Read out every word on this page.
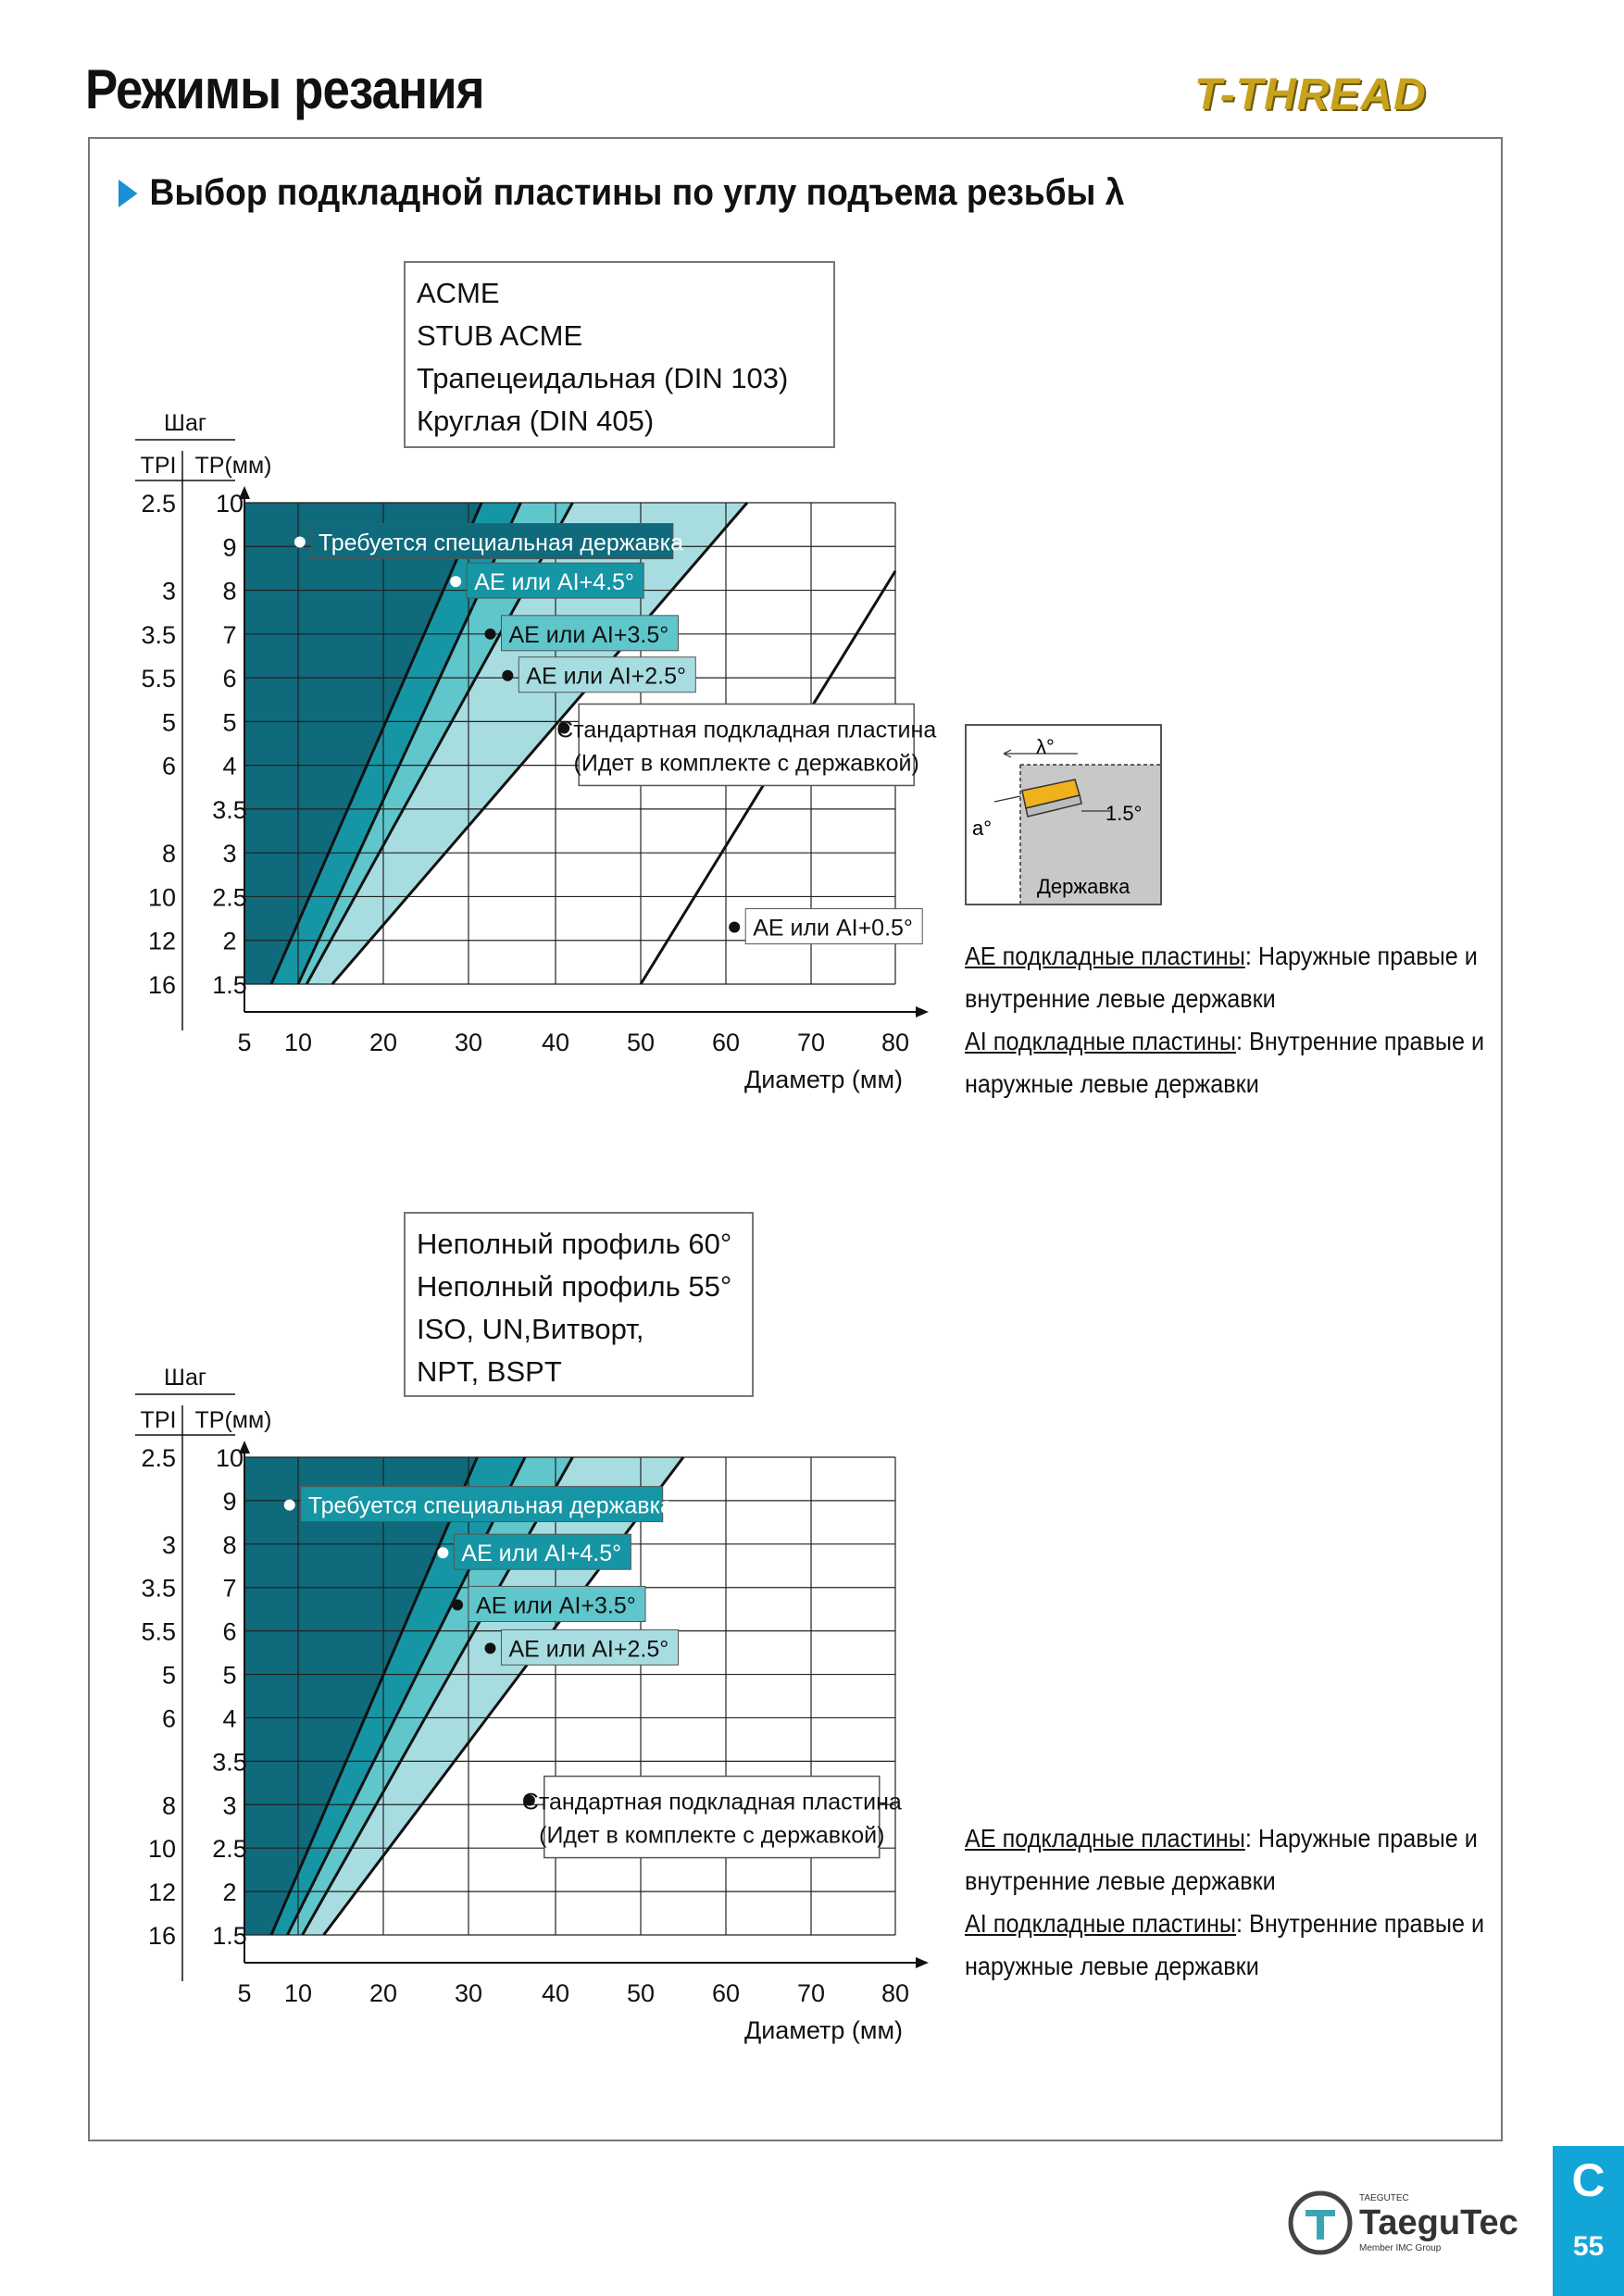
Режимы резания	T-THREAD
Выбор подкладной пластины по углу подъема резьбы λ
ACME
STUB ACME
Трапецеидальная (DIN 103)
Круглая (DIN 405)
Неполный профиль 60°
Неполный профиль 55°
ISO, UN,Витворт,
NPT, BSPT
5 10 20 30 40 50 60 70 80
1.5
2
2.5
3
3.5
4
5
6
7
8
9
10
2.5
3
3.5
5.5
5
6
8
10
12
16
Шаг
TPI TP(мм)
Диаметр (мм)
Требуется специальная державка
AE или AI+4.5°
AE или AI+3.5°
AE или AI+2.5°
AE или AI+0.5°
Стандартная подкладная пластина
(Идет в комплекте с державкой)
5 10 20 30 40 50 60 70 80
1.5
2
2.5
3
3.5
4
5
6
7
8
9
10
2.5
3
3.5
5.5
5
6
8
10
12
16
Шаг
TPI TP(мм)
Диаметр (мм)
Требуется специальная державка
AE или AI+4.5°
AE или AI+3.5°
AE или AI+2.5°
Стандартная подкладная пластина
(Идет в комплекте с державкой)
λ°
a°
1.5°
Державка
AE подкладные пластины: Наружные правые и
внутренние левые державки
AI подкладные пластины: Внутренние правые и
наружные левые державки
AE подкладные пластины: Наружные правые и
внутренние левые державки
AI подкладные пластины: Внутренние правые и
наружные левые державки
TAEGUTEC
TaeguTec
Member IMC Group
C
55
